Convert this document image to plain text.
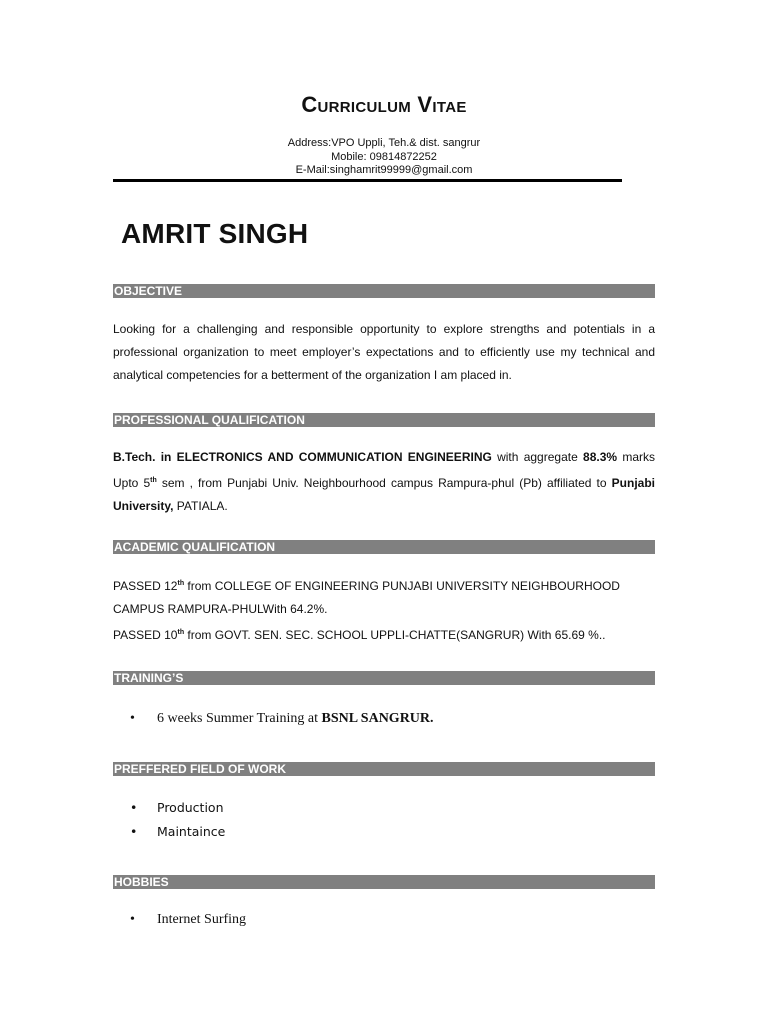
Curriculum Vitae
Address:VPO Uppli, Teh.& dist. sangrur
Mobile: 09814872252
E-Mail:singhamrit99999@gmail.com
AMRIT SINGH
OBJECTIVE
Looking for a challenging and responsible opportunity to explore strengths and potentials in a professional organization to meet employer’s expectations and to efficiently use my technical and analytical competencies for a betterment of the organization I am placed in.
PROFESSIONAL QUALIFICATION
B.Tech. in ELECTRONICS AND COMMUNICATION ENGINEERING with aggregate 88.3% marks Upto 5th sem , from Punjabi Univ. Neighbourhood campus Rampura-phul (Pb) affiliated to Punjabi University, PATIALA.
ACADEMIC QUALIFICATION
PASSED 12th from COLLEGE OF ENGINEERING PUNJABI UNIVERSITY NEIGHBOURHOOD CAMPUS RAMPURA-PHULWith 64.2%.
PASSED 10th from GOVT. SEN. SEC. SCHOOL UPPLI-CHATTE(SANGRUR) With 65.69 %..
TRAINING’S
• 6 weeks Summer Training at BSNL SANGRUR.
PREFFERED FIELD OF WORK
• Production
• Maintaince
HOBBIES
• Internet Surfing
